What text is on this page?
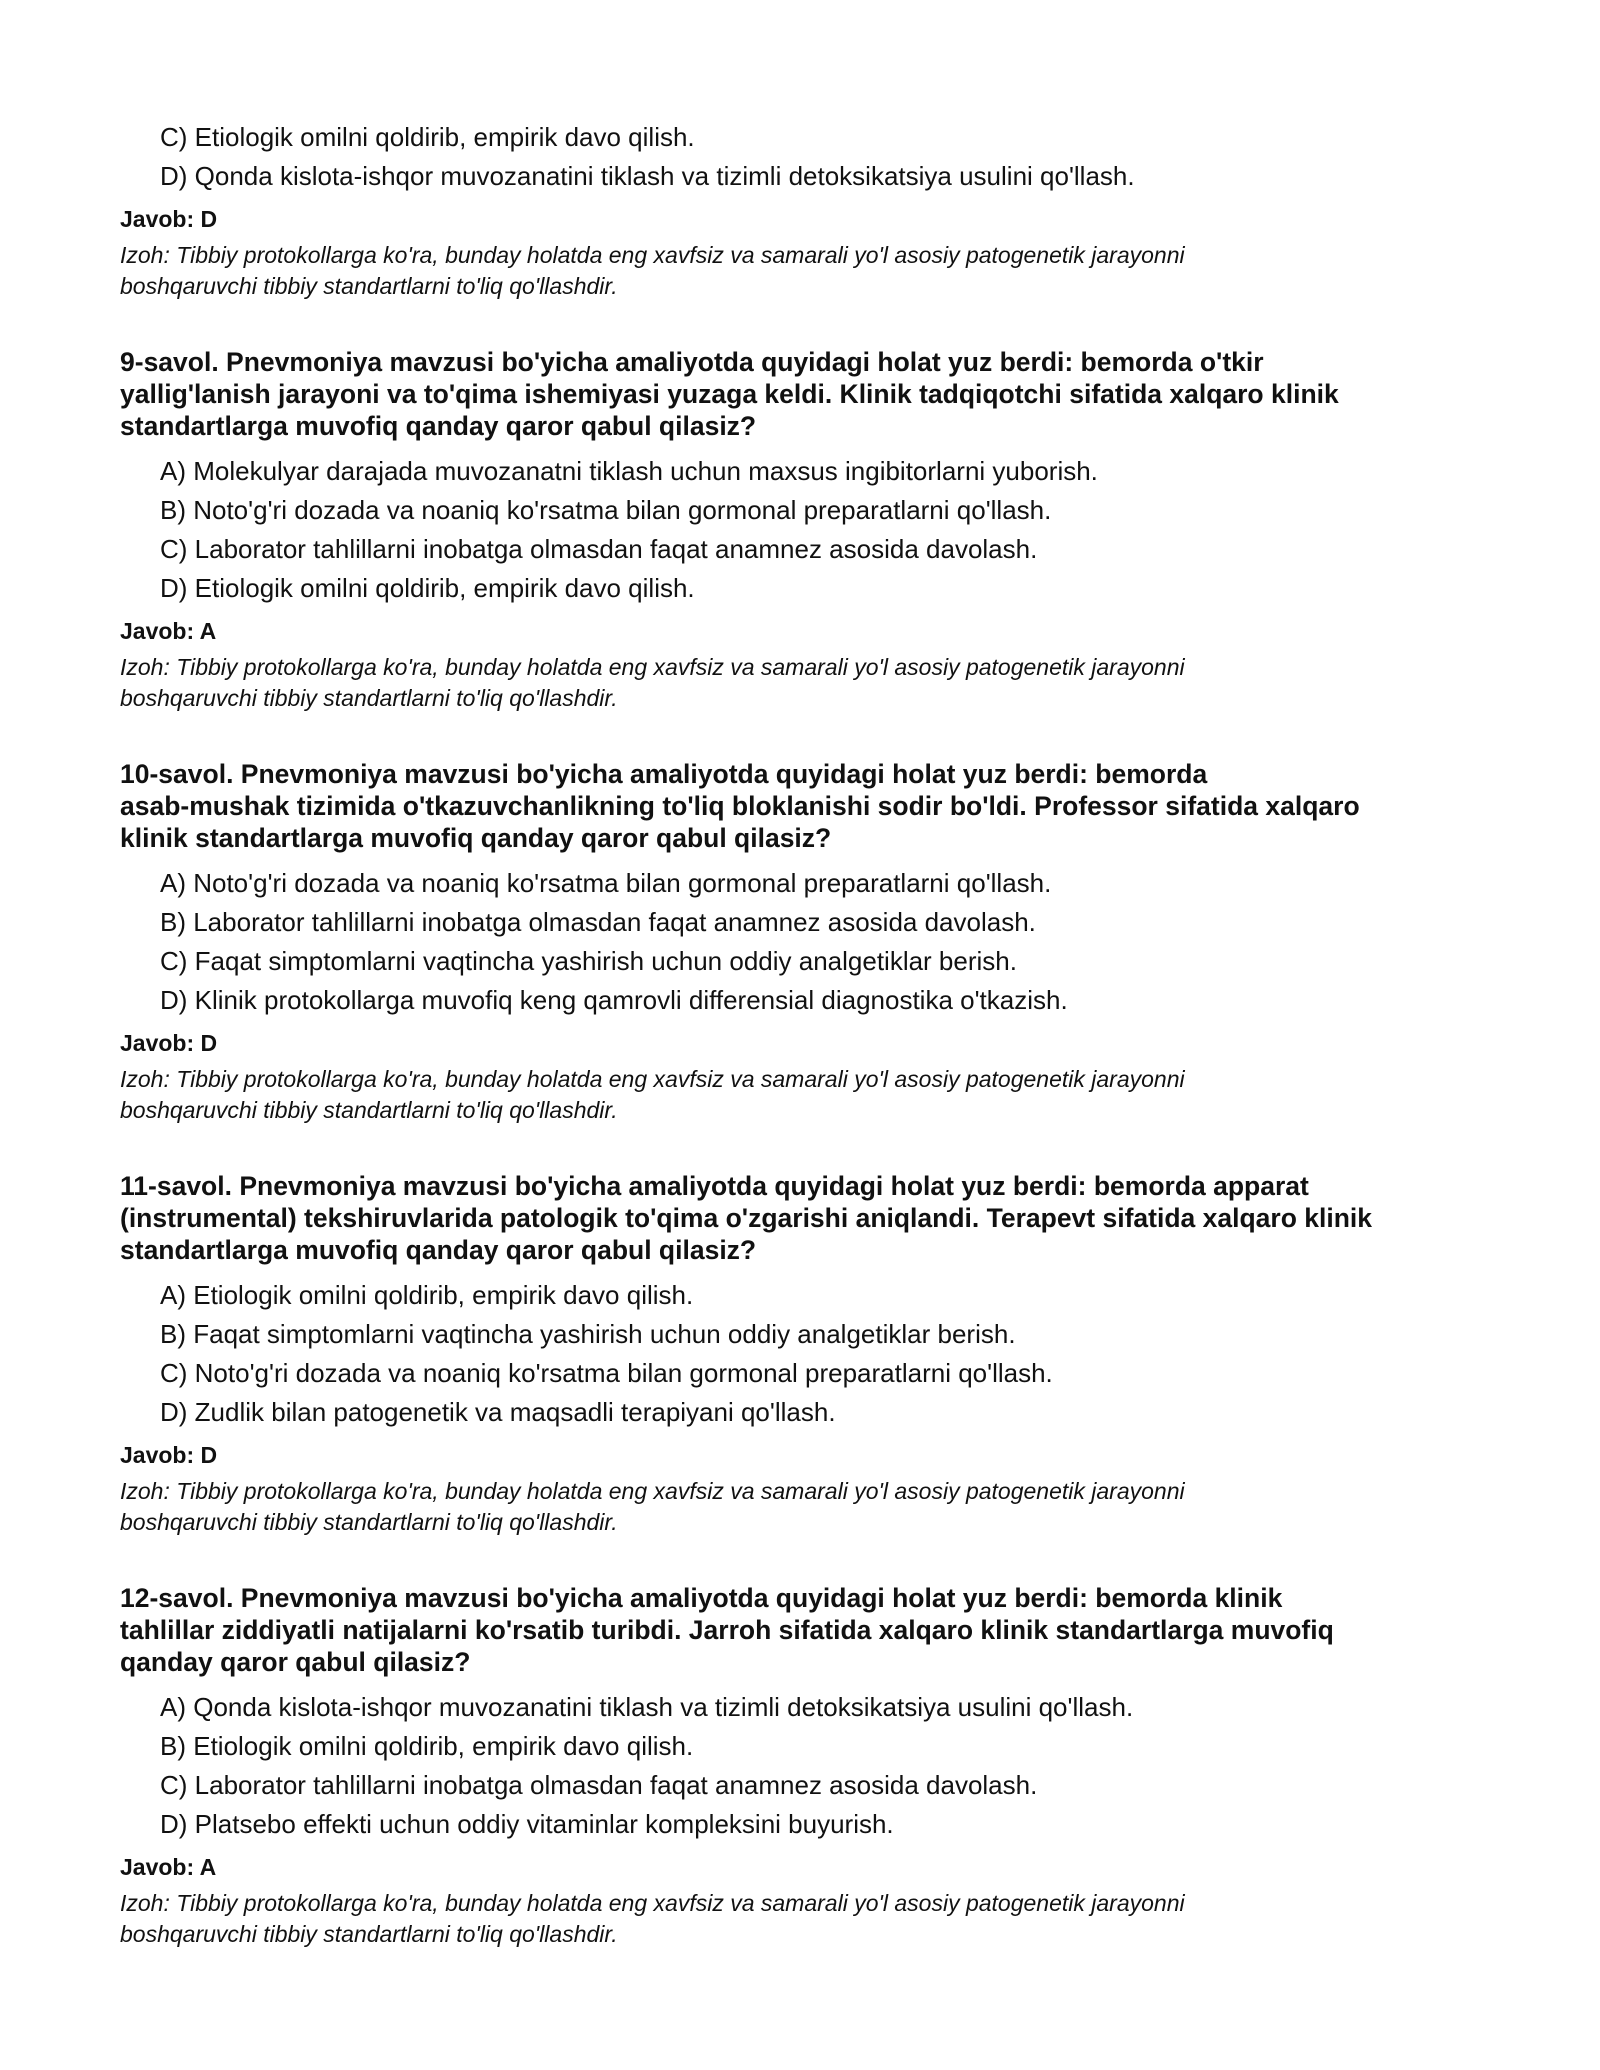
C) Etiologik omilni qoldirib, empirik davo qilish.
D) Qonda kislota-ishqor muvozanatini tiklash va tizimli detoksikatsiya usulini qo'llash.
Javob: D
Izoh: Tibbiy protokollarga ko'ra, bunday holatda eng xavfsiz va samarali yo'l asosiy patogenetik jarayonni
boshqaruvchi tibbiy standartlarni to'liq qo'llashdir.
9-savol. Pnevmoniya mavzusi bo'yicha amaliyotda quyidagi holat yuz berdi: bemorda o'tkir
yallig'lanish jarayoni va to'qima ishemiyasi yuzaga keldi. Klinik tadqiqotchi sifatida xalqaro klinik
standartlarga muvofiq qanday qaror qabul qilasiz?
A) Molekulyar darajada muvozanatni tiklash uchun maxsus ingibitorlarni yuborish.
B) Noto'g'ri dozada va noaniq ko'rsatma bilan gormonal preparatlarni qo'llash.
C) Laborator tahlillarni inobatga olmasdan faqat anamnez asosida davolash.
D) Etiologik omilni qoldirib, empirik davo qilish.
Javob: A
Izoh: Tibbiy protokollarga ko'ra, bunday holatda eng xavfsiz va samarali yo'l asosiy patogenetik jarayonni
boshqaruvchi tibbiy standartlarni to'liq qo'llashdir.
10-savol. Pnevmoniya mavzusi bo'yicha amaliyotda quyidagi holat yuz berdi: bemorda
asab-mushak tizimida o'tkazuvchanlikning to'liq bloklanishi sodir bo'ldi. Professor sifatida xalqaro
klinik standartlarga muvofiq qanday qaror qabul qilasiz?
A) Noto'g'ri dozada va noaniq ko'rsatma bilan gormonal preparatlarni qo'llash.
B) Laborator tahlillarni inobatga olmasdan faqat anamnez asosida davolash.
C) Faqat simptomlarni vaqtincha yashirish uchun oddiy analgetiklar berish.
D) Klinik protokollarga muvofiq keng qamrovli differensial diagnostika o'tkazish.
Javob: D
Izoh: Tibbiy protokollarga ko'ra, bunday holatda eng xavfsiz va samarali yo'l asosiy patogenetik jarayonni
boshqaruvchi tibbiy standartlarni to'liq qo'llashdir.
11-savol. Pnevmoniya mavzusi bo'yicha amaliyotda quyidagi holat yuz berdi: bemorda apparat
(instrumental) tekshiruvlarida patologik to'qima o'zgarishi aniqlandi. Terapevt sifatida xalqaro klinik
standartlarga muvofiq qanday qaror qabul qilasiz?
A) Etiologik omilni qoldirib, empirik davo qilish.
B) Faqat simptomlarni vaqtincha yashirish uchun oddiy analgetiklar berish.
C) Noto'g'ri dozada va noaniq ko'rsatma bilan gormonal preparatlarni qo'llash.
D) Zudlik bilan patogenetik va maqsadli terapiyani qo'llash.
Javob: D
Izoh: Tibbiy protokollarga ko'ra, bunday holatda eng xavfsiz va samarali yo'l asosiy patogenetik jarayonni
boshqaruvchi tibbiy standartlarni to'liq qo'llashdir.
12-savol. Pnevmoniya mavzusi bo'yicha amaliyotda quyidagi holat yuz berdi: bemorda klinik
tahlillar ziddiyatli natijalarni ko'rsatib turibdi. Jarroh sifatida xalqaro klinik standartlarga muvofiq
qanday qaror qabul qilasiz?
A) Qonda kislota-ishqor muvozanatini tiklash va tizimli detoksikatsiya usulini qo'llash.
B) Etiologik omilni qoldirib, empirik davo qilish.
C) Laborator tahlillarni inobatga olmasdan faqat anamnez asosida davolash.
D) Platsebo effekti uchun oddiy vitaminlar kompleksini buyurish.
Javob: A
Izoh: Tibbiy protokollarga ko'ra, bunday holatda eng xavfsiz va samarali yo'l asosiy patogenetik jarayonni
boshqaruvchi tibbiy standartlarni to'liq qo'llashdir.
